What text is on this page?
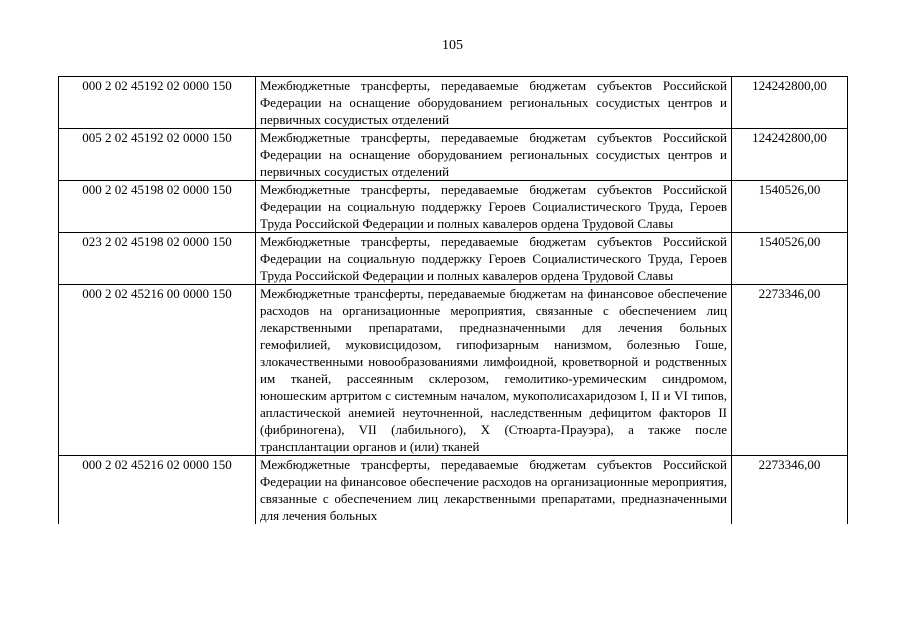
105
000 2 02 45192 02 0000 150	Межбюджетные трансферты, передаваемые бюджетам субъектов Российской Федерации на оснащение оборудованием региональных сосудистых центров и первичных сосудистых отделений	124242800,00
005 2 02 45192 02 0000 150	Межбюджетные трансферты, передаваемые бюджетам субъектов Российской Федерации на оснащение оборудованием региональных сосудистых центров и первичных сосудистых отделений	124242800,00
000 2 02 45198 02 0000 150	Межбюджетные трансферты, передаваемые бюджетам субъектов Российской Федерации на социальную поддержку Героев Социалистического Труда, Героев Труда Российской Федерации и полных кавалеров ордена Трудовой Славы	1540526,00
023 2 02 45198 02 0000 150	Межбюджетные трансферты, передаваемые бюджетам субъектов Российской Федерации на социальную поддержку Героев Социалистического Труда, Героев Труда Российской Федерации и полных кавалеров ордена Трудовой Славы	1540526,00
000 2 02 45216 00 0000 150	Межбюджетные трансферты, передаваемые бюджетам на финансовое обеспечение расходов на организационные мероприятия, связанные с обеспечением лиц лекарственными препаратами, предназначенными для лечения больных гемофилией, муковисцидозом, гипофизарным нанизмом, болезнью Гоше, злокачественными новообразованиями лимфоидной, кроветворной и родственных им тканей, рассеянным склерозом, гемолитико-уремическим синдромом, юношеским артритом с системным началом, мукополисахаридозом I, II и VI типов, апластической анемией неуточненной, наследственным дефицитом факторов II (фибриногена), VII (лабильного), X (Стюарта-Прауэра), а также после трансплантации органов и (или) тканей	2273346,00
000 2 02 45216 02 0000 150	Межбюджетные трансферты, передаваемые бюджетам субъектов Российской Федерации на финансовое обеспечение расходов на организационные мероприятия, связанные с обеспечением лиц лекарственными препаратами, предназначенными для лечения больных	2273346,00
